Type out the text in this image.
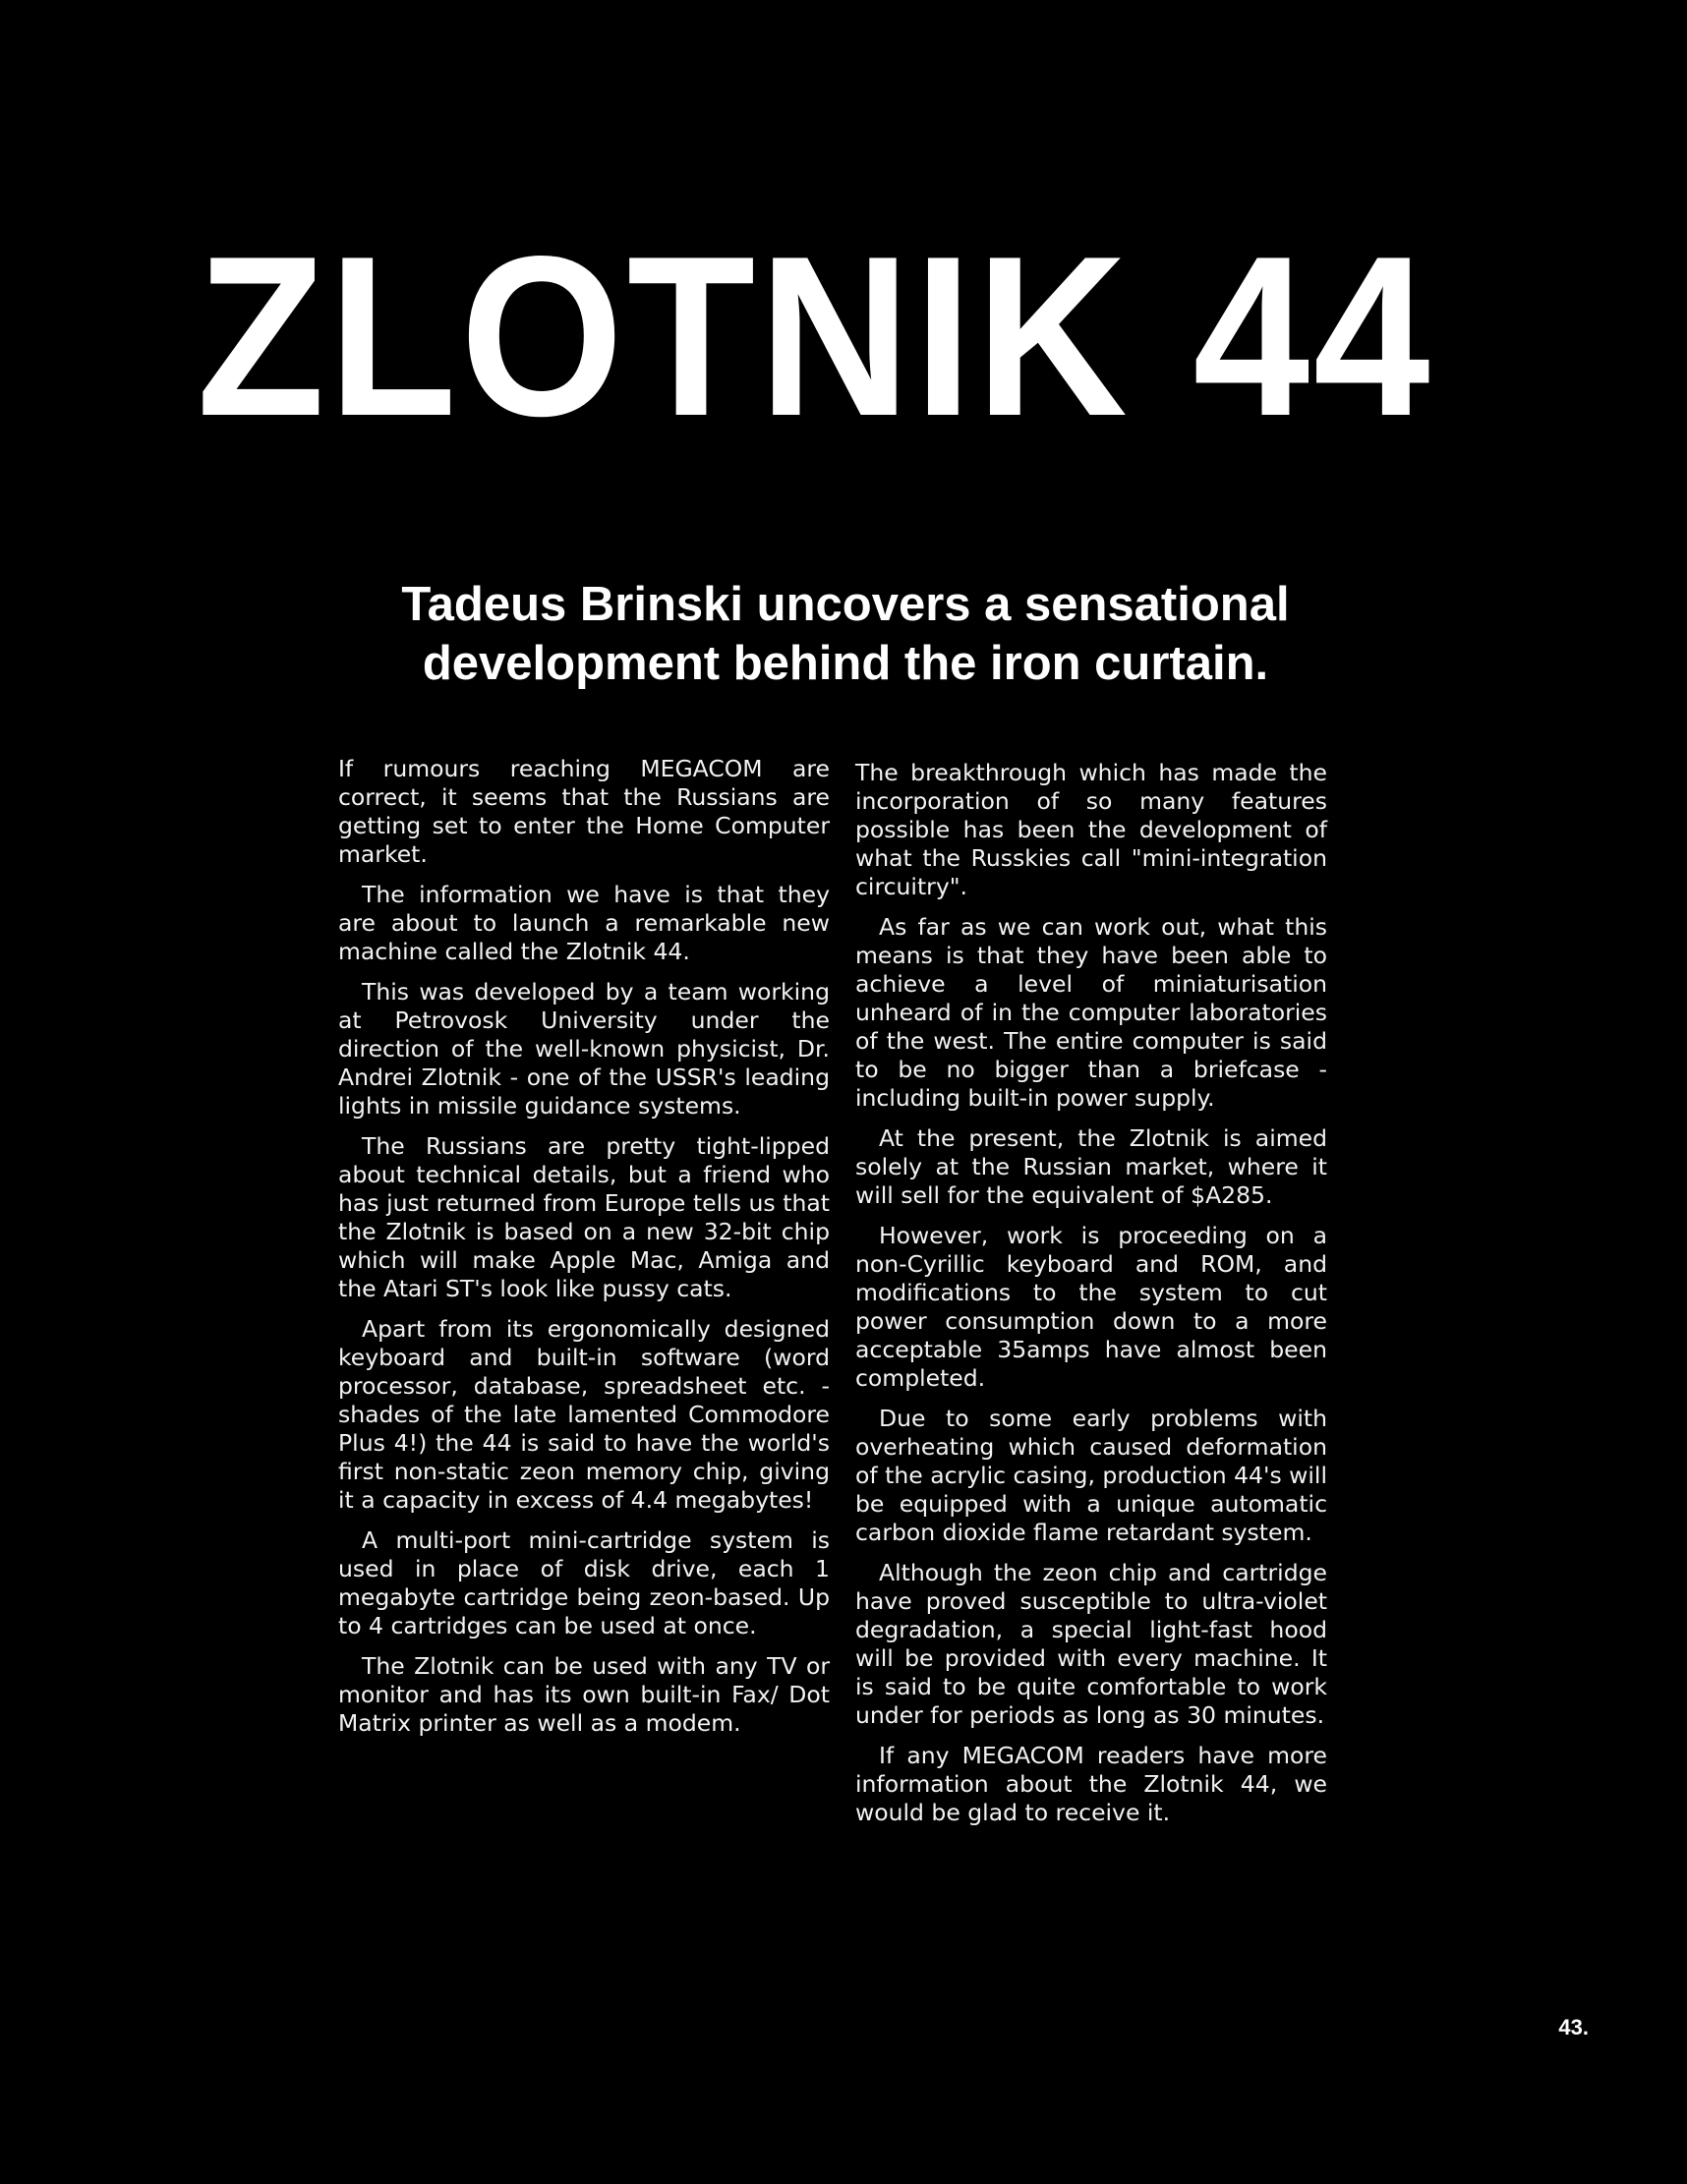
ZLOTNIK 44
Tadeus Brinski uncovers a sensational
development behind the iron curtain.

If rumours reaching MEGACOM are correct, it seems that the Russians are getting set to enter the Home Computer market.

The information we have is that they are about to launch a remarkable new machine called the Zlotnik 44.

This was developed by a team working at Petrovosk University under the direction of the well-known physicist, Dr. Andrei Zlotnik - one of the USSR's leading lights in missile guidance systems.

The Russians are pretty tight-lipped about technical details, but a friend who has just returned from Europe tells us that the Zlotnik is based on a new 32-bit chip which will make Apple Mac, Amiga and the Atari ST's look like pussy cats.

Apart from its ergonomically designed keyboard and built-in software (word processor, database, spreadsheet etc. - shades of the late lamented Commodore Plus 4!) the 44 is said to have the world's first non-static zeon memory chip, giving it a capacity in excess of 4.4 megabytes!

A multi-port mini-cartridge system is used in place of disk drive, each 1 megabyte cartridge being zeon-based. Up to 4 cartridges can be used at once.

The Zlotnik can be used with any TV or monitor and has its own built-in Fax/ Dot Matrix printer as well as a modem.

The breakthrough which has made the incorporation of so many features possible has been the development of what the Russkies call "mini-integration circuitry".

As far as we can work out, what this means is that they have been able to achieve a level of miniaturisation unheard of in the computer laboratories of the west. The entire computer is said to be no bigger than a briefcase - including built-in power supply.

At the present, the Zlotnik is aimed solely at the Russian market, where it will sell for the equivalent of $A285.

However, work is proceeding on a non-Cyrillic keyboard and ROM, and modifications to the system to cut power consumption down to a more acceptable 35amps have almost been completed.

Due to some early problems with overheating which caused deformation of the acrylic casing, production 44's will be equipped with a unique automatic carbon dioxide flame retardant system.

Although the zeon chip and cartridge have proved susceptible to ultra-violet degradation, a special light-fast hood will be provided with every machine. It is said to be quite comfortable to work under for periods as long as 30 minutes.

If any MEGACOM readers have more information about the Zlotnik 44, we would be glad to receive it.

43.
